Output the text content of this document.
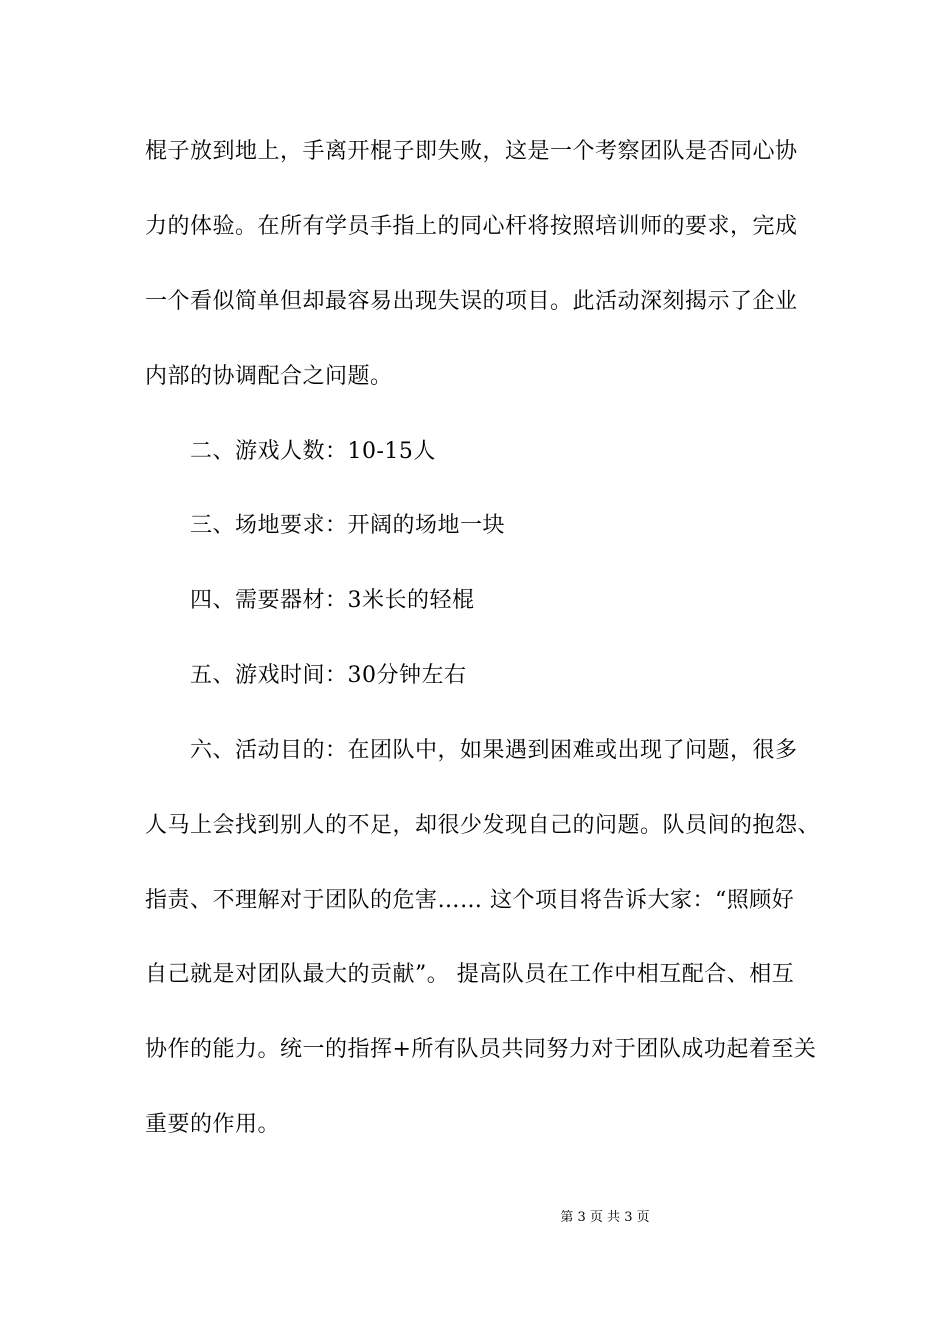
棍子放到地上，手离开棍子即失败，这是一个考察团队是否同心协
力的体验。在所有学员手指上的同心杆将按照培训师的要求，完成
一个看似简单但却最容易出现失误的项目。此活动深刻揭示了企业
内部的协调配合之问题。
二、游戏人数：10-15人
三、场地要求：开阔的场地一块
四、需要器材：3米长的轻棍
五、游戏时间：30分钟左右
六、活动目的：在团队中，如果遇到困难或出现了问题，很多
人马上会找到别人的不足，却很少发现自己的问题。队员间的抱怨、
指责、不理解对于团队的危害…… 这个项目将告诉大家：“照顾好
自己就是对团队最大的贡献”。 提高队员在工作中相互配合、相互
协作的能力。统一的指挥+所有队员共同努力对于团队成功起着至关
重要的作用。
第 3 页 共 3 页
